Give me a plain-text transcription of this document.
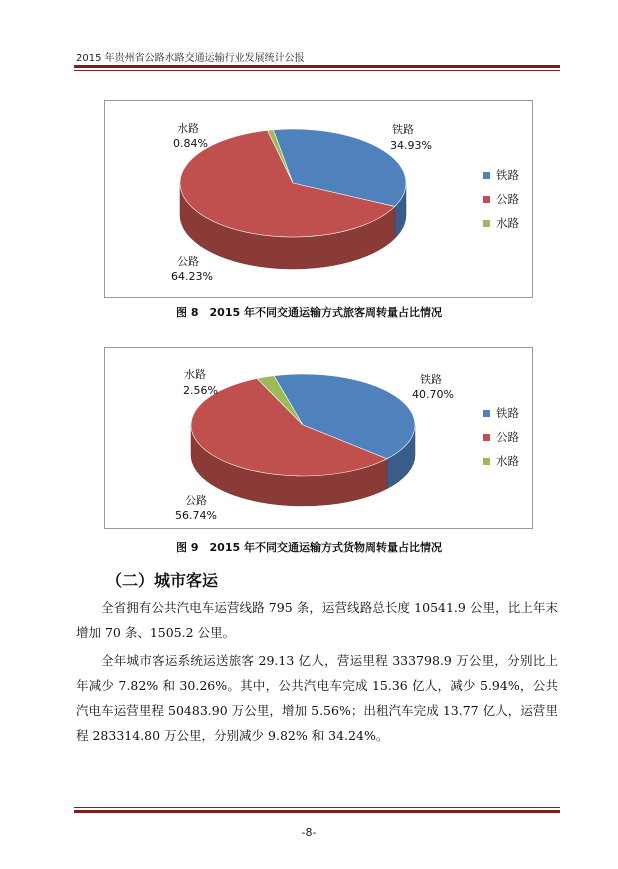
2015 年贵州省公路水路交通运输行业发展统计公报
水路
0.84%
铁路
34.93%
公路
64.23%
铁路
公路
水路
图 8　2015 年不同交通运输方式旅客周转量占比情况
水路
2.56%
铁路
40.70%
公路
56.74%
铁路
公路
水路
图 9　2015 年不同交通运输方式货物周转量占比情况
（二）城市客运

全省拥有公共汽电车运营线路 795 条，运营线路总长度 10541.9 公里，比上年末增加 70 条、1505.2 公里。

全年城市客运系统运送旅客 29.13 亿人，营运里程 333798.9 万公里，分别比上年减少 7.82% 和 30.26%。其中，公共汽电车完成 15.36 亿人，减少 5.94%，公共汽电车运营里程 50483.90 万公里，增加 5.56%；出租汽车完成 13.77 亿人，运营里程 283314.80 万公里，分别减少 9.82% 和 34.24%。

-8-
